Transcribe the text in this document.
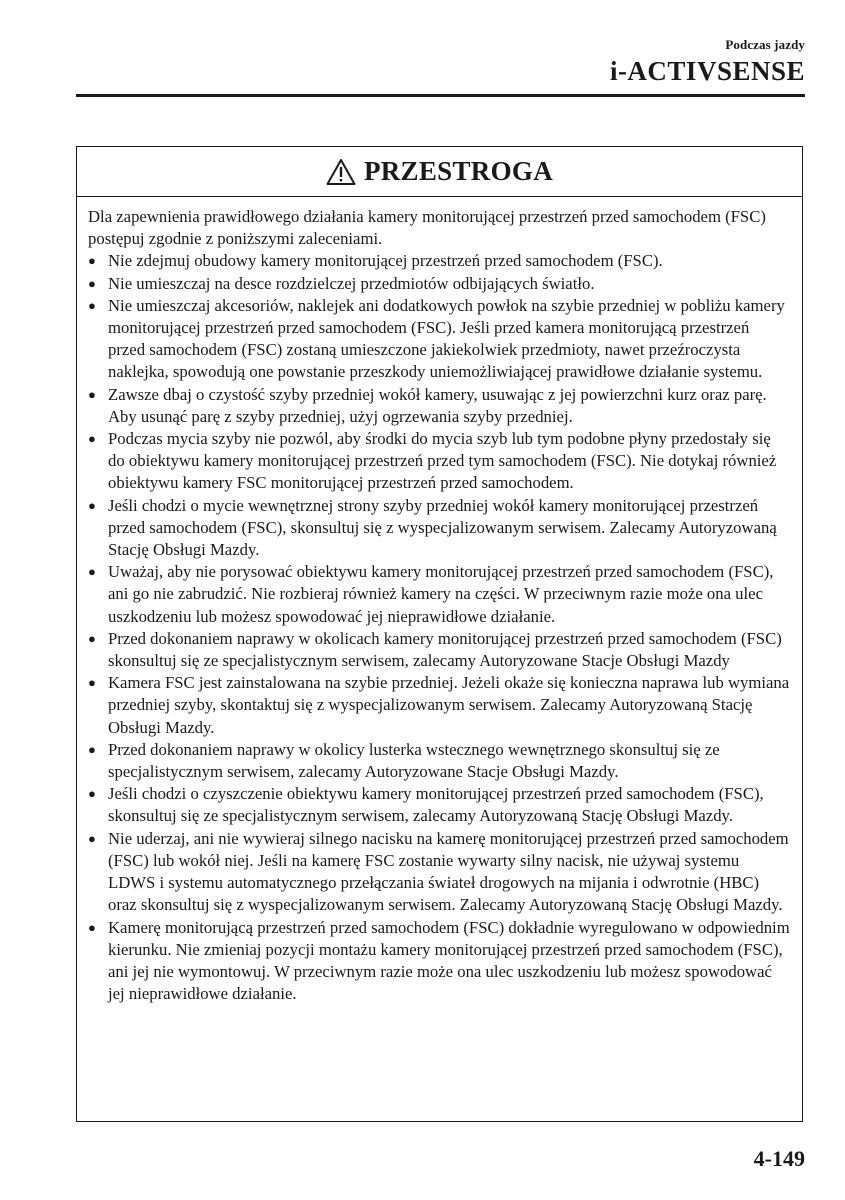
Podczas jazdy
i-ACTIVSENSE
PRZESTROGA

Dla zapewnienia prawidłowego działania kamery monitorującej przestrzeń przed samochodem (FSC) postępuj zgodnie z poniższymi zaleceniami.

● Nie zdejmuj obudowy kamery monitorującej przestrzeń przed samochodem (FSC).
● Nie umieszczaj na desce rozdzielczej przedmiotów odbijających światło.
● Nie umieszczaj akcesoriów, naklejek ani dodatkowych powłok na szybie przedniej w pobliżu kamery monitorującej przestrzeń przed samochodem (FSC). Jeśli przed kamera monitorującą przestrzeń przed samochodem (FSC) zostaną umieszczone jakiekolwiek przedmioty, nawet przeźroczysta naklejka, spowodują one powstanie przeszkody uniemożliwiającej prawidłowe działanie systemu.
● Zawsze dbaj o czystość szyby przedniej wokół kamery, usuwając z jej powierzchni kurz oraz parę. Aby usunąć parę z szyby przedniej, użyj ogrzewania szyby przedniej.
● Podczas mycia szyby nie pozwól, aby środki do mycia szyb lub tym podobne płyny przedostały się do obiektywu kamery monitorującej przestrzeń przed tym samochodem (FSC). Nie dotykaj również obiektywu kamery FSC monitorującej przestrzeń przed samochodem.
● Jeśli chodzi o mycie wewnętrznej strony szyby przedniej wokół kamery monitorującej przestrzeń przed samochodem (FSC), skonsultuj się z wyspecjalizowanym serwisem. Zalecamy Autoryzowaną Stację Obsługi Mazdy.
● Uważaj, aby nie porysować obiektywu kamery monitorującej przestrzeń przed samochodem (FSC), ani go nie zabrudzić. Nie rozbieraj również kamery na części. W przeciwnym razie może ona ulec uszkodzeniu lub możesz spowodować jej nieprawidłowe działanie.
● Przed dokonaniem naprawy w okolicach kamery monitorującej przestrzeń przed samochodem (FSC) skonsultuj się ze specjalistycznym serwisem, zalecamy Autoryzowane Stacje Obsługi Mazdy
● Kamera FSC jest zainstalowana na szybie przedniej. Jeżeli okaże się konieczna naprawa lub wymiana przedniej szyby, skontaktuj się z wyspecjalizowanym serwisem. Zalecamy Autoryzowaną Stację Obsługi Mazdy.
● Przed dokonaniem naprawy w okolicy lusterka wstecznego wewnętrznego skonsultuj się ze specjalistycznym serwisem, zalecamy Autoryzowane Stacje Obsługi Mazdy.
● Jeśli chodzi o czyszczenie obiektywu kamery monitorującej przestrzeń przed samochodem (FSC), skonsultuj się ze specjalistycznym serwisem, zalecamy Autoryzowaną Stację Obsługi Mazdy.
● Nie uderzaj, ani nie wywieraj silnego nacisku na kamerę monitorującej przestrzeń przed samochodem (FSC) lub wokół niej. Jeśli na kamerę FSC zostanie wywarty silny nacisk, nie używaj systemu LDWS i systemu automatycznego przełączania świateł drogowych na mijania i odwrotnie (HBC) oraz skonsultuj się z wyspecjalizowanym serwisem. Zalecamy Autoryzowaną Stację Obsługi Mazdy.
● Kamerę monitorującą przestrzeń przed samochodem (FSC) dokładnie wyregulowano w odpowiednim kierunku. Nie zmieniaj pozycji montażu kamery monitorującej przestrzeń przed samochodem (FSC), ani jej nie wymontowuj. W przeciwnym razie może ona ulec uszkodzeniu lub możesz spowodować jej nieprawidłowe działanie.
4-149
